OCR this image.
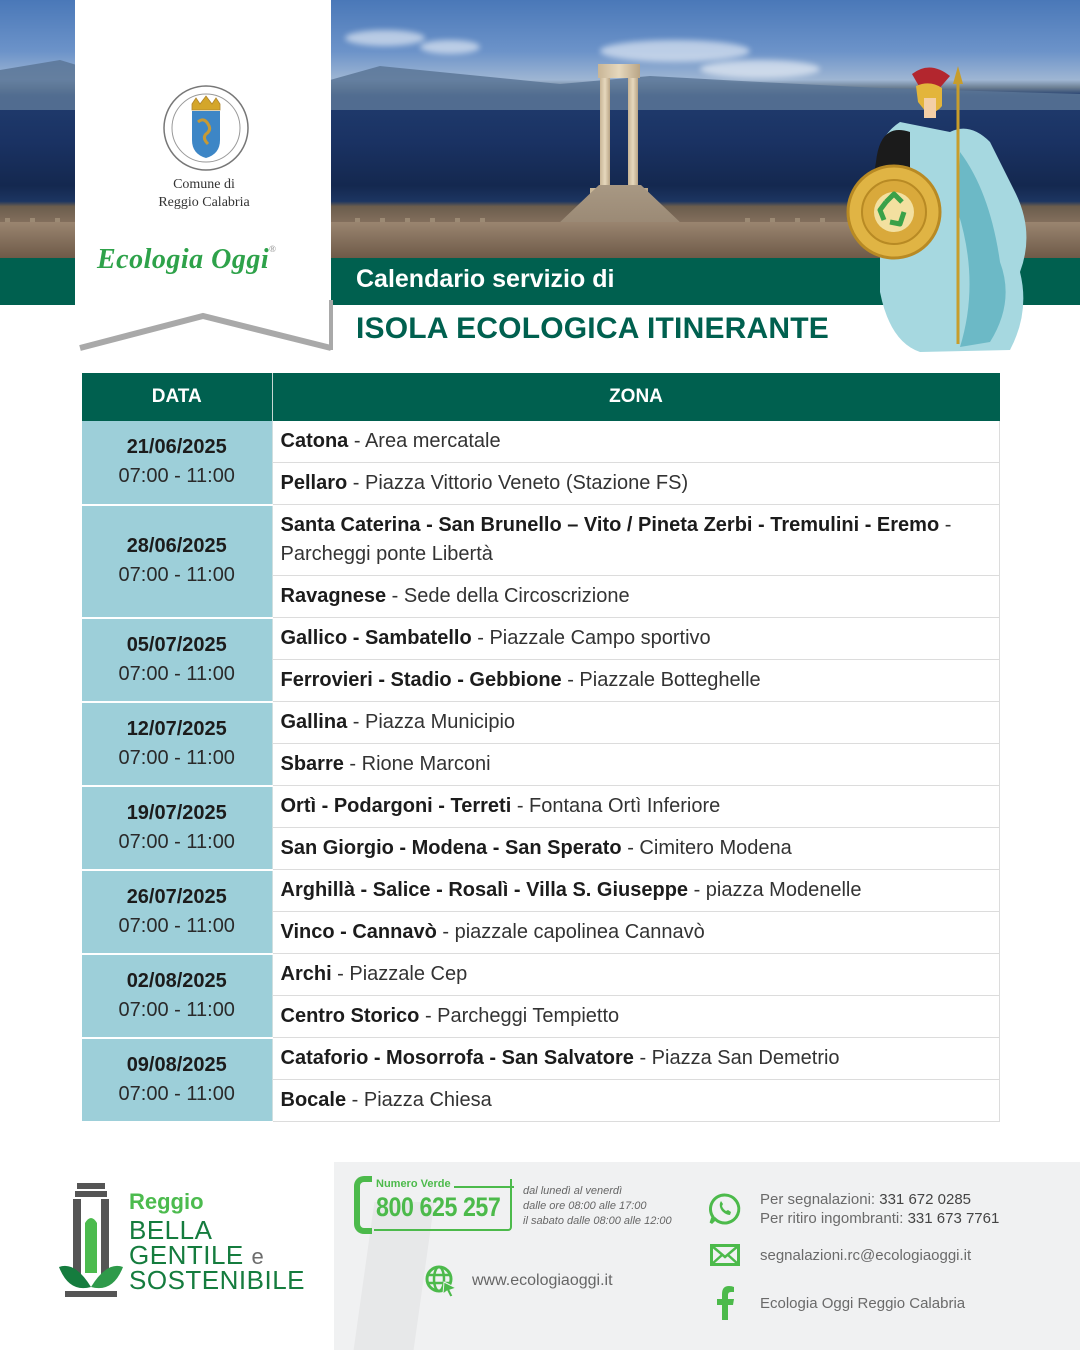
Comune di
Reggio Calabria
Ecologia Oggi®
Calendario servizio di
ISOLA ECOLOGICA ITINERANTE
DATA	ZONA

21/06/2025
07:00 - 11:00	Catona - Area mercatale
	Pellaro - Piazza Vittorio Veneto (Stazione FS)

28/06/2025
07:00 - 11:00	Santa Caterina - San Brunello – Vito / Pineta Zerbi - Tremulini - Eremo - Parcheggi ponte Libertà
	Ravagnese - Sede della Circoscrizione

05/07/2025
07:00 - 11:00	Gallico - Sambatello - Piazzale Campo sportivo
	Ferrovieri - Stadio - Gebbione - Piazzale Botteghelle

12/07/2025
07:00 - 11:00	Gallina - Piazza Municipio
	Sbarre - Rione Marconi

19/07/2025
07:00 - 11:00	Ortì - Podargoni - Terreti - Fontana Ortì Inferiore
	San Giorgio - Modena - San Sperato - Cimitero Modena

26/07/2025
07:00 - 11:00	Arghillà - Salice - Rosalì - Villa S. Giuseppe - piazza Modenelle
	Vinco - Cannavò - piazzale capolinea Cannavò

02/08/2025
07:00 - 11:00	Archi - Piazzale Cep
	Centro Storico - Parcheggi Tempietto

09/08/2025
07:00 - 11:00	Cataforio - Mosorrofa - San Salvatore - Piazza San Demetrio
	Bocale - Piazza Chiesa
Reggio
BELLA
GENTILE e
SOSTENIBILE
Numero Verde
800 625 257
dal lunedì al venerdì
dalle ore 08:00 alle 17:00
il sabato dalle 08:00 alle 12:00
www.ecologiaoggi.it
Per segnalazioni: 331 672 0285
Per ritiro ingombranti: 331 673 7761
segnalazioni.rc@ecologiaoggi.it
Ecologia Oggi Reggio Calabria
